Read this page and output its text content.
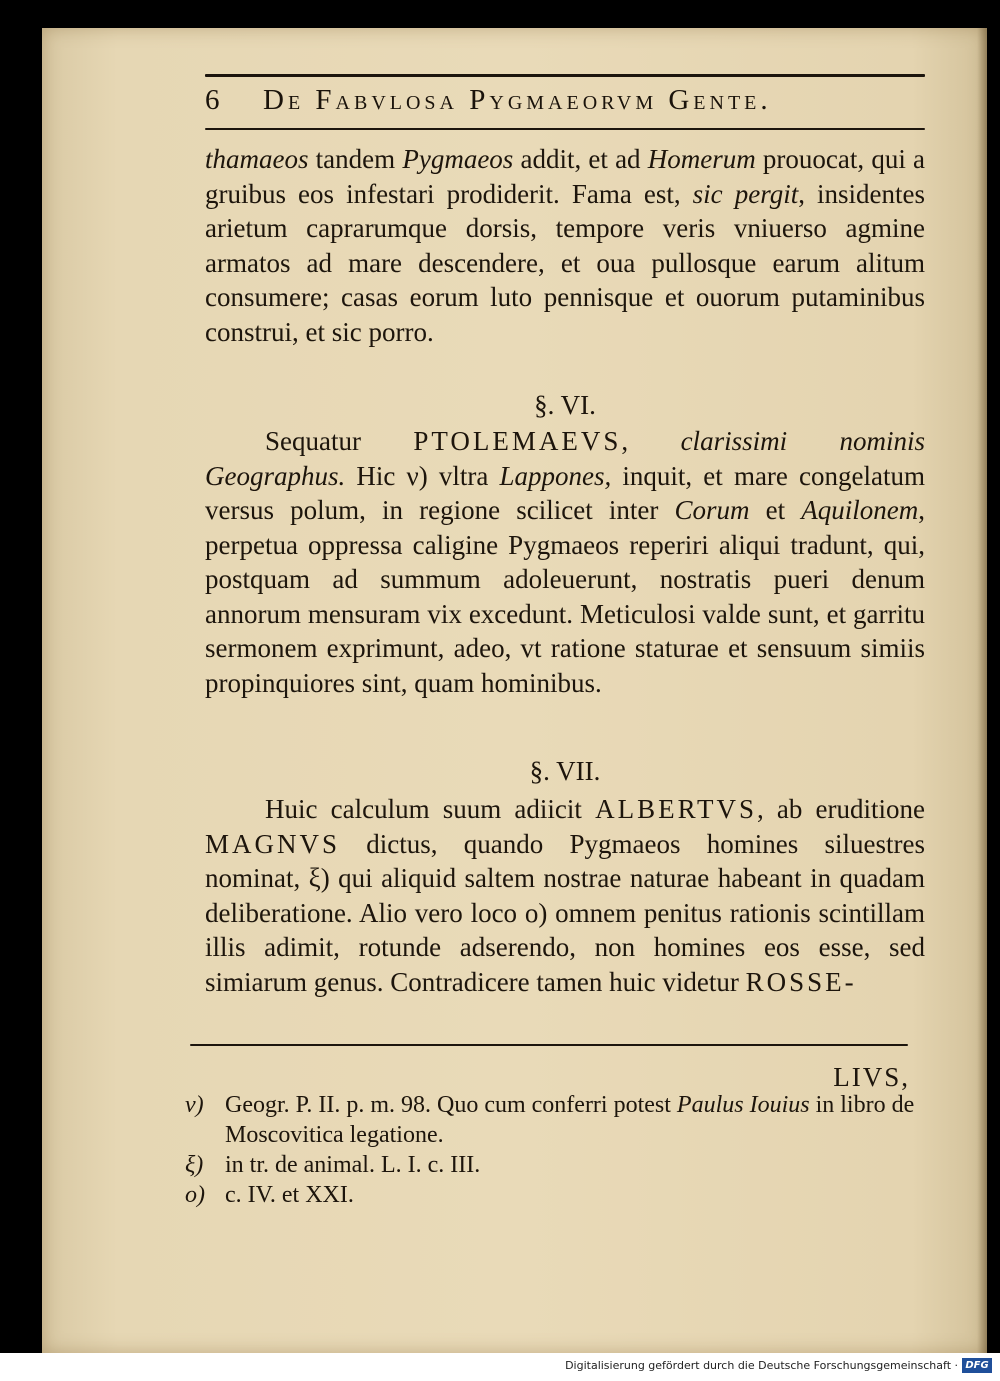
6 De Fabvlosa Pygmaeorvm Gente.
thamaeos tandem Pygmaeos addit, et ad Homerum prouocat, qui a gruibus eos infestari prodiderit. Fama est, sic pergit, insidentes arietum caprarumque dorsis, tempore veris vniuerso agmine armatos ad mare descendere, et oua pullosque earum alitum consumere; casas eorum luto pennisque et ouorum putaminibus construi, et sic porro.
§. VI.
Sequatur PTOLEMAEVS, clarissimi nominis Geographus. Hic ν) vltra Lappones, inquit, et mare congelatum versus polum, in regione scilicet inter Corum et Aquilonem, perpetua oppressa caligine Pygmaeos reperiri aliqui tradunt, qui, postquam ad summum adoleuerunt, nostratis pueri denum annorum mensuram vix excedunt. Meticulosi valde sunt, et garritu sermonem exprimunt, adeo, vt ratione staturae et sensuum simiis propinquiores sint, quam hominibus.
§. VII.
Huic calculum suum adiicit ALBERTVS, ab eruditione MAGNVS dictus, quando Pygmaeos homines siluestres nominat, ξ) qui aliquid saltem nostrae naturae habeant in quadam deliberatione. Alio vero loco ο) omnem penitus rationis scintillam illis adimit, rotunde adserendo, non homines eos esse, sed simiarum genus. Contradicere tamen huic videtur ROSSE-
LIVS,
ν) Geogr. P. II. p. m. 98. Quo cum conferri potest Paulus Iouius in libro de Moscovitica legatione.
ξ) in tr. de animal. L. I. c. III.
ο) c. IV. et XXI.
Digitalisierung gefördert durch die Deutsche Forschungsgemeinschaft · DFG
